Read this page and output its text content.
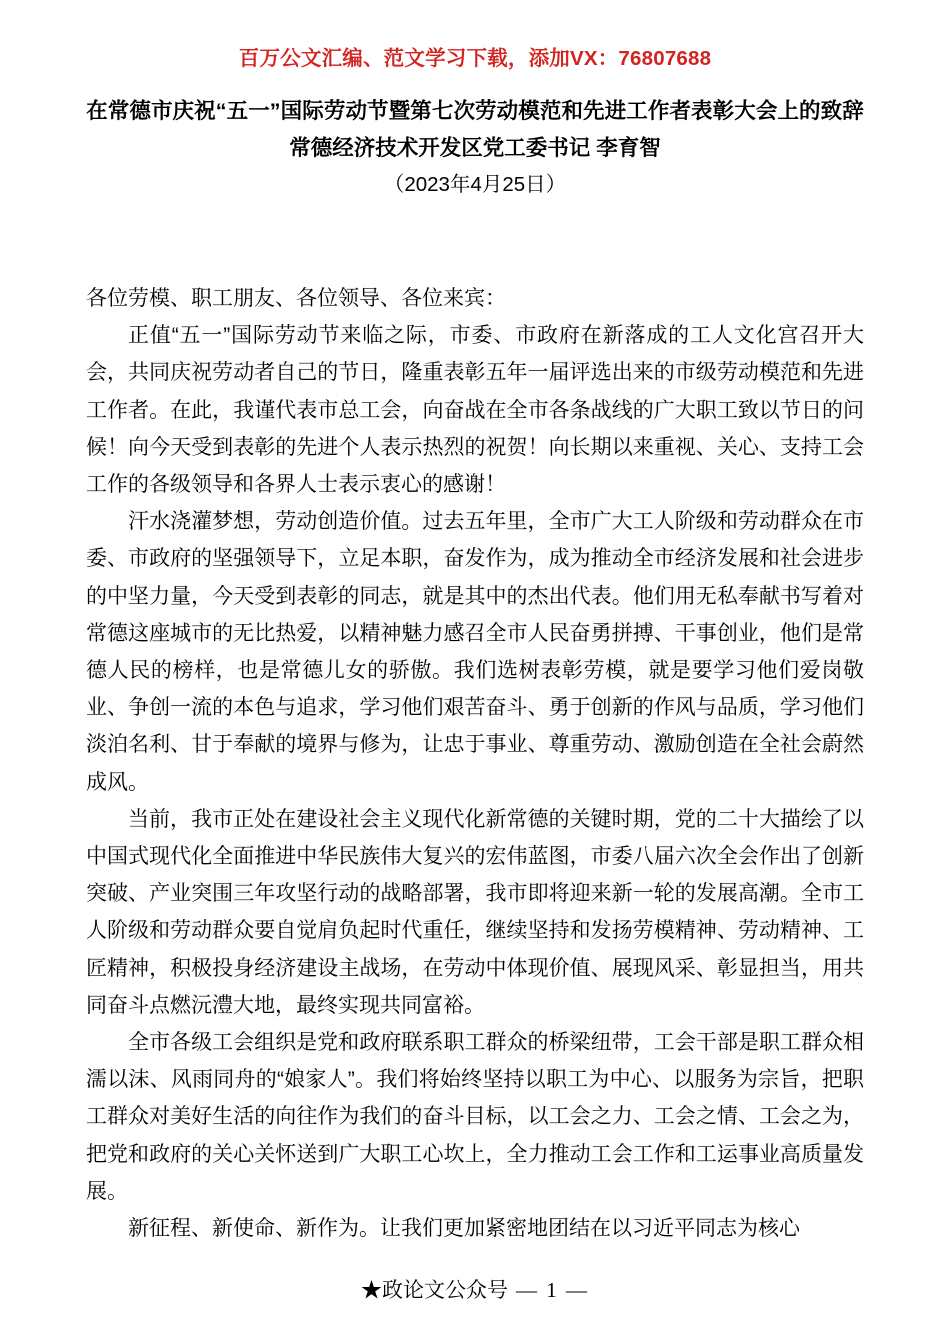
百万公文汇编、范文学习下载，添加VX：76807688
在常德市庆祝“五一”国际劳动节暨第七次劳动模范和先进工作者表彰大会上的致辞
常德经济技术开发区党工委书记 李育智
（2023年4月25日）

各位劳模、职工朋友、各位领导、各位来宾：

正值“五一”国际劳动节来临之际，市委、市政府在新落成的工人文化宫召开大会，共同庆祝劳动者自己的节日，隆重表彰五年一届评选出来的市级劳动模范和先进工作者。在此，我谨代表市总工会，向奋战在全市各条战线的广大职工致以节日的问候！向今天受到表彰的先进个人表示热烈的祝贺！向长期以来重视、关心、支持工会工作的各级领导和各界人士表示衷心的感谢！

汗水浇灌梦想，劳动创造价值。过去五年里，全市广大工人阶级和劳动群众在市委、市政府的坚强领导下，立足本职，奋发作为，成为推动全市经济发展和社会进步的中坚力量，今天受到表彰的同志，就是其中的杰出代表。他们用无私奉献书写着对常德这座城市的无比热爱，以精神魅力感召全市人民奋勇拼搏、干事创业，他们是常德人民的榜样，也是常德儿女的骄傲。我们选树表彰劳模，就是要学习他们爱岗敬业、争创一流的本色与追求，学习他们艰苦奋斗、勇于创新的作风与品质，学习他们淡泊名利、甘于奉献的境界与修为，让忠于事业、尊重劳动、激励创造在全社会蔚然成风。

当前，我市正处在建设社会主义现代化新常德的关键时期，党的二十大描绘了以中国式现代化全面推进中华民族伟大复兴的宏伟蓝图，市委八届六次全会作出了创新突破、产业突围三年攻坚行动的战略部署，我市即将迎来新一轮的发展高潮。全市工人阶级和劳动群众要自觉肩负起时代重任，继续坚持和发扬劳模精神、劳动精神、工匠精神，积极投身经济建设主战场，在劳动中体现价值、展现风采、彰显担当，用共同奋斗点燃沅澧大地，最终实现共同富裕。

全市各级工会组织是党和政府联系职工群众的桥梁纽带，工会干部是职工群众相濡以沫、风雨同舟的“娘家人”。我们将始终坚持以职工为中心、以服务为宗旨，把职工群众对美好生活的向往作为我们的奋斗目标，以工会之力、工会之情、工会之为，把党和政府的关心关怀送到广大职工心坎上，全力推动工会工作和工运事业高质量发展。

新征程、新使命、新作为。让我们更加紧密地团结在以习近平同志为核心

★政论文公众号 — 1 —
